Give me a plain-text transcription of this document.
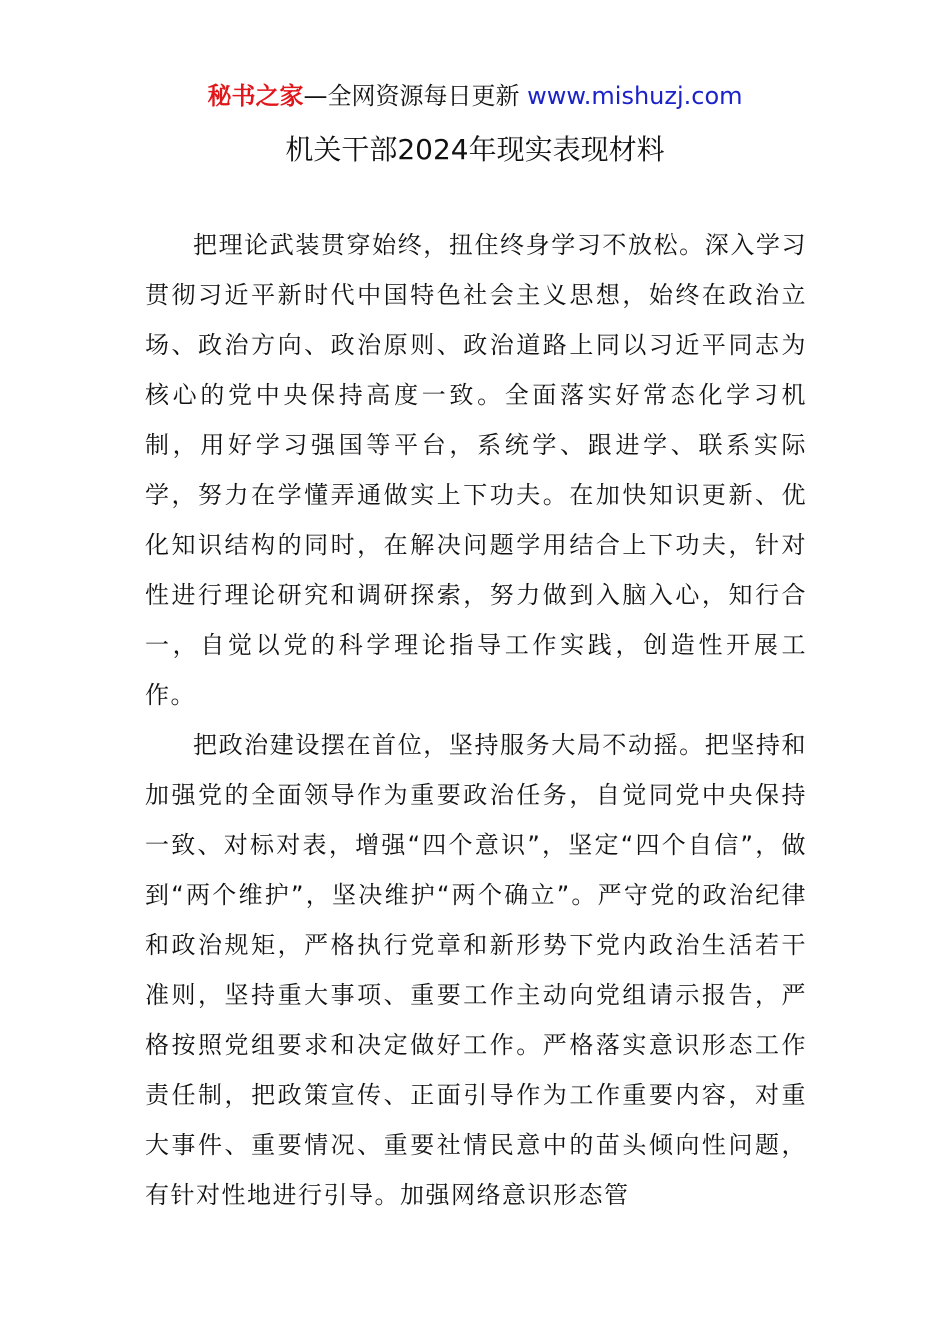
秘书之家—全网资源每日更新 www.mishuzj.com
机关干部2024年现实表现材料

把理论武装贯穿始终，扭住终身学习不放松。深入学习贯彻习近平新时代中国特色社会主义思想，始终在政治立场、政治方向、政治原则、政治道路上同以习近平同志为核心的党中央保持高度一致。全面落实好常态化学习机制，用好学习强国等平台，系统学、跟进学、联系实际学，努力在学懂弄通做实上下功夫。在加快知识更新、优化知识结构的同时，在解决问题学用结合上下功夫，针对性进行理论研究和调研探索，努力做到入脑入心，知行合一，自觉以党的科学理论指导工作实践，创造性开展工作。

把政治建设摆在首位，坚持服务大局不动摇。把坚持和加强党的全面领导作为重要政治任务，自觉同党中央保持一致、对标对表，增强“四个意识”，坚定“四个自信”，做到“两个维护”，坚决维护“两个确立”。严守党的政治纪律和政治规矩，严格执行党章和新形势下党内政治生活若干准则，坚持重大事项、重要工作主动向党组请示报告，严格按照党组要求和决定做好工作。严格落实意识形态工作责任制，把政策宣传、正面引导作为工作重要内容，对重大事件、重要情况、重要社情民意中的苗头倾向性问题，有针对性地进行引导。加强网络意识形态管
